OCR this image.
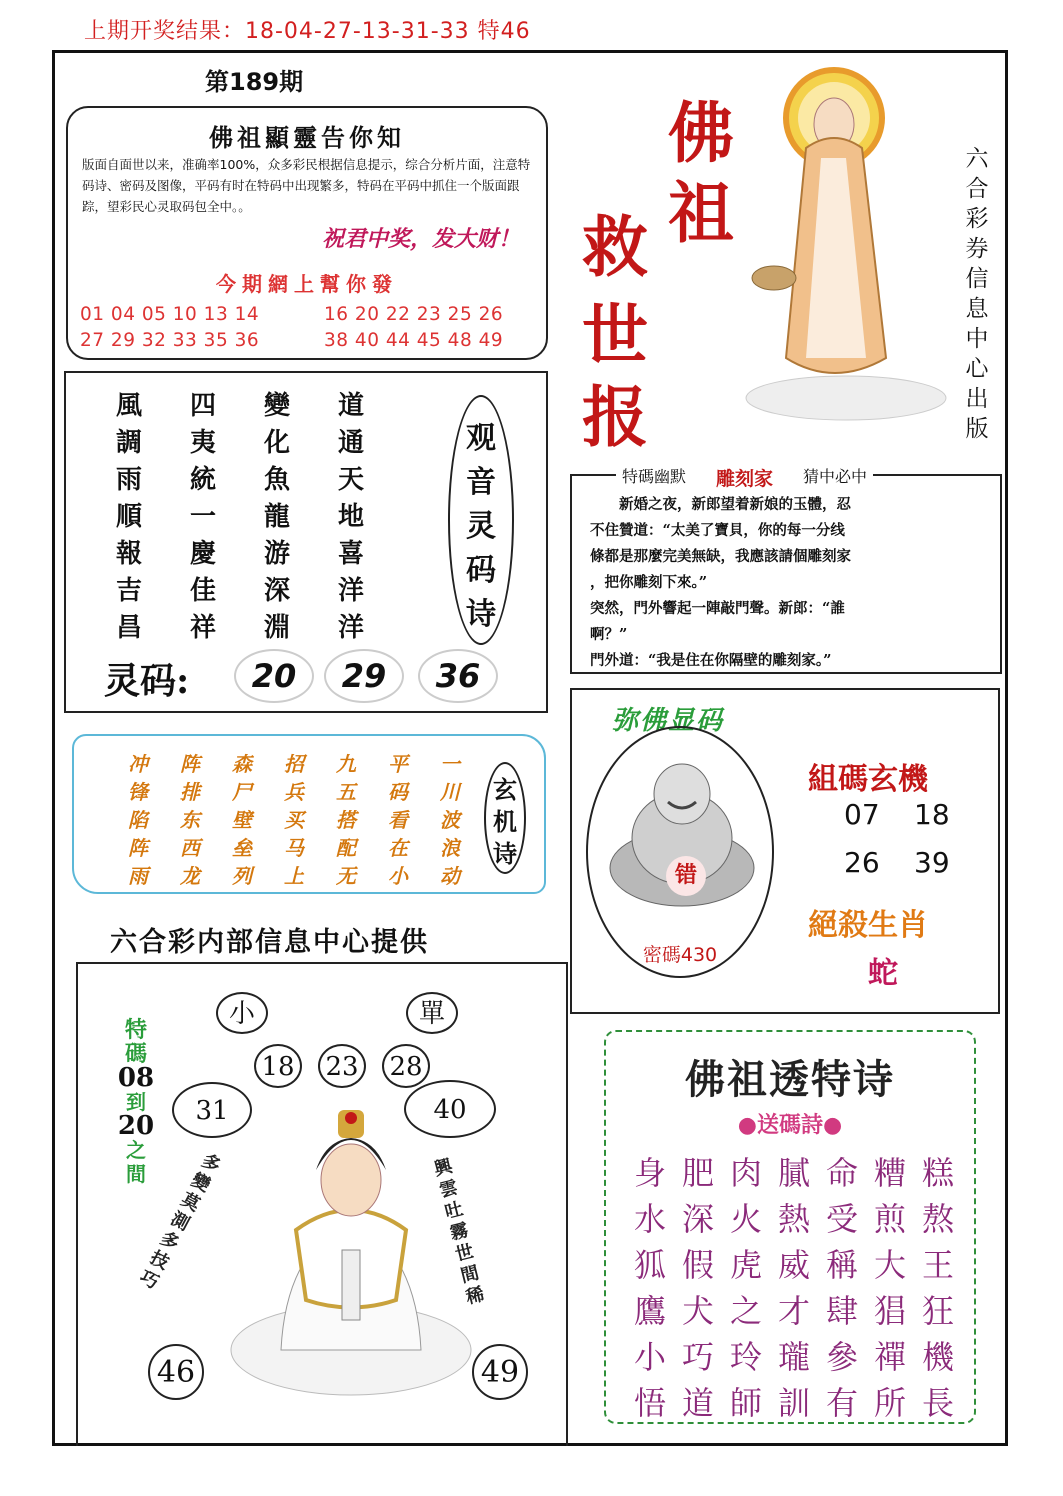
上期开奖结果：18-04-27-13-31-33 特46
第189期
佛祖顯靈告你知
版面自面世以来，准确率100%，众多彩民根据信息提示，综合分析片面，注意特码诗、密码及图像，平码有时在特码中出现繁多，特码在平码中抓住一个版面跟踪，望彩民心灵取码包全中。。
祝君中奖，发大财！
今期網上幫你發
01 04 05 10 13 14	16 20 22 23 25 26
27 29 32 33 35 36	38 40 44 45 48 49
風	四	變	道
調	夷	化	通
雨	統	魚	天
順	一	龍	地
報	慶	游	喜
吉	佳	深	洋
昌	祥	淵	洋
观
音
灵
码
诗
灵码:	20	29	36
冲	阵	森	招	九	平	一
锋	排	尸	兵	五	码	川
陷	东	壁	买	搭	看	波
阵	西	垒	马	配	在	浪
雨	龙	列	上	无	小	动
玄
机
诗
六合彩内部信息中心提供
小	單
18 23 28
31	40
46	49
特
碼
08
到
20
之
間	多變莫測多技巧
興雲吐霧世間稀
佛
祖
救
世
报
六合彩券信息中心出版
特碼幽默 雕刻家 猜中必中
　　新婚之夜，新郎望着新娘的玉體，忍
不住贊道：“太美了寶貝，你的每一分线
條都是那麼完美無缺，我應該請個雕刻家
，把你雕刻下來。”
突然，門外響起一陣敲門聲。新郎：“誰
啊？”
門外道：“我是住在你隔壁的雕刻家。”
弥佛显码
错
密碼430
組碼玄機
07 18
26 39
絕殺生肖
蛇
佛祖透特诗
●送碼詩●
身 肥 肉 膩 命 糟 糕
水 深 火 熱 受 煎 熬
狐 假 虎 威 稱 大 王
鷹 犬 之 才 肆 猖 狂
小 巧 玲 瓏 參 禪 機
悟 道 師 訓 有 所 長
